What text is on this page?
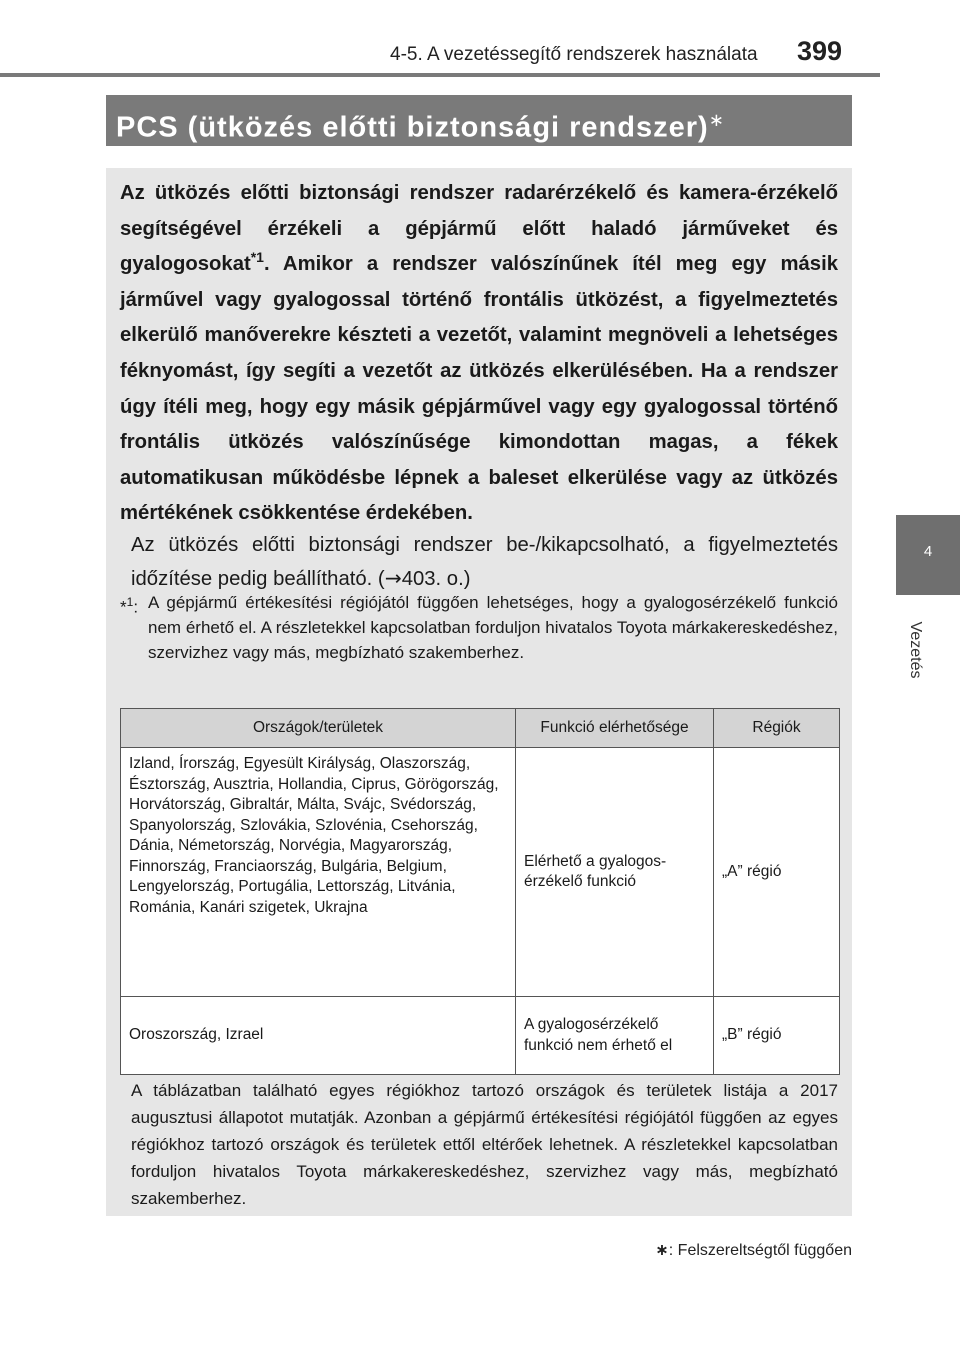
4-5. A vezetéssegítő rendszerek használata 399
4
Vezetés
PCS (ütközés előtti biztonsági rendszer)∗

Az ütközés előtti biztonsági rendszer radarérzékelő és kamera-érzékelő segítségével érzékeli a gépjármű előtt haladó járműveket és gyalogosokat$^{*1}$. Amikor a rendszer valószínűnek ítél meg egy másik járművel vagy gyalogossal történő frontális ütközést, a figyelmeztetés elkerülő manőverekre készteti a vezetőt, valamint megnöveli a lehetséges féknyomást, így segíti a vezetőt az ütközés elkerülésében. Ha a rendszer úgy ítéli meg, hogy egy másik gépjárművel vagy egy gyalogossal történő frontális ütközés valószínűsége kimondottan magas, a fékek automatikusan működésbe lépnek a baleset elkerülése vagy az ütközés mértékének csökkentése érdekében.

Az ütközés előtti biztonsági rendszer be-/kikapcsolható, a figyelmeztetés időzítése pedig beállítható. (→403. o.)

*$^1$: A gépjármű értékesítési régiójától függően lehetséges, hogy a gyalogosérzékelő funkció nem érhető el. A részletekkel kapcsolatban forduljon hivatalos Toyota márkakereskedéshez, szervizhez vagy más, megbízható szakemberhez.

Országok/területek	Funkció elérhetősége	Régiók
Izland, Írország, Egyesült Királyság, Olaszország, Észtország, Ausztria, Hollandia, Ciprus, Görögország, Horvátország, Gibraltár, Málta, Svájc, Svédország, Spanyolország, Szlovákia, Szlovénia, Csehország, Dánia, Németország, Norvégia, Magyarország, Finnország, Franciaország, Bulgária, Belgium, Lengyelország, Portugália, Lettország, Litvánia, Románia, Kanári szigetek, Ukrajna	Elérhető a gyalogos-érzékelő funkció	„A” régió
Oroszország, Izrael	A gyalogosérzékelő funkció nem érhető el	„B” régió

A táblázatban található egyes régiókhoz tartozó országok és területek listája a 2017 augusztusi állapotot mutatják. Azonban a gépjármű értékesítési régiójától függően az egyes régiókhoz tartozó országok és területek ettől eltérőek lehetnek. A részletekkel kapcsolatban forduljon hivatalos Toyota márkakereskedéshez, szervizhez vagy más, megbízható szakemberhez.

∗: Felszereltségtől függően
